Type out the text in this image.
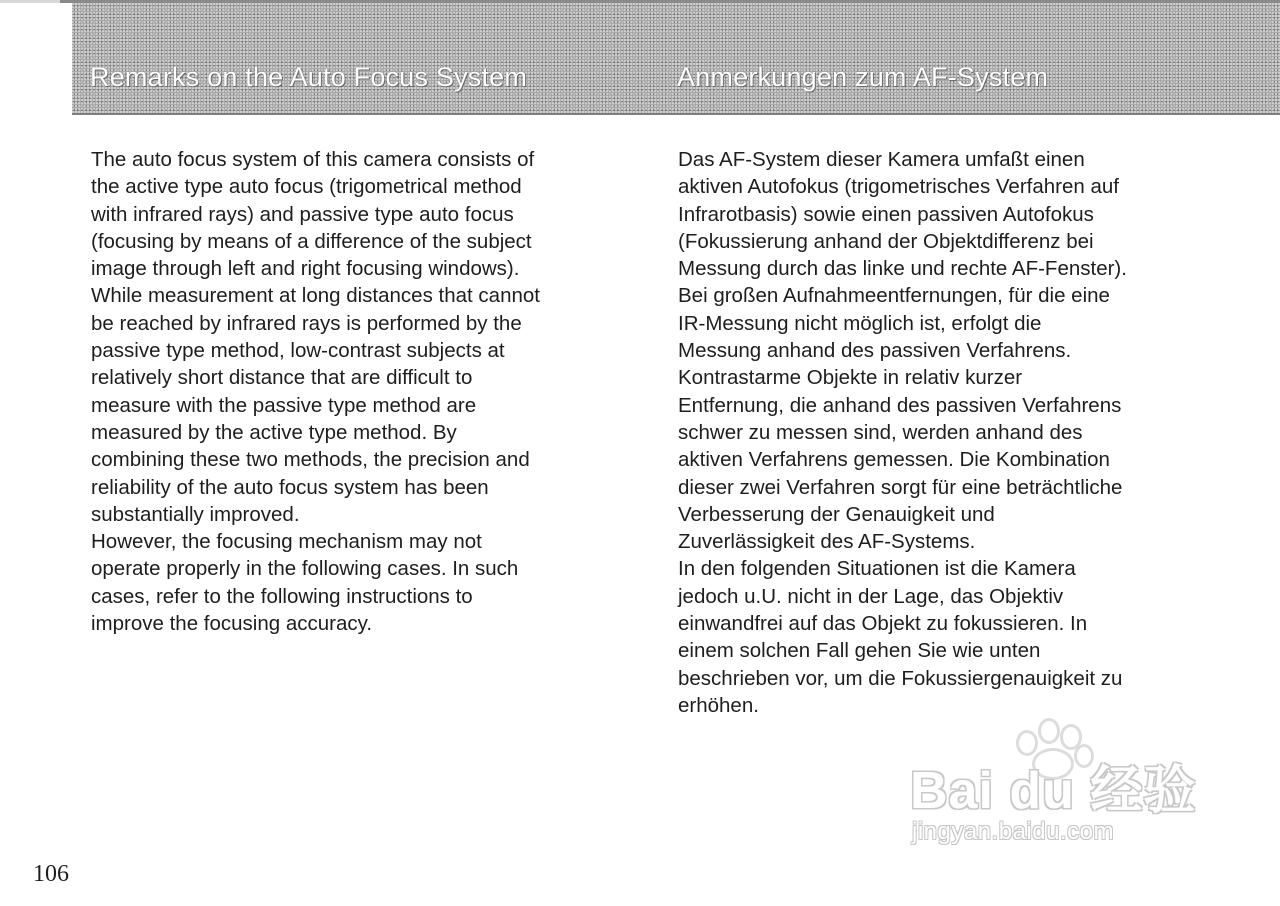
Remarks on the Auto Focus System	Anmerkungen zum AF-System
The auto focus system of this camera consists of
the active type auto focus (trigometrical method
with infrared rays) and passive type auto focus
(focusing by means of a difference of the subject
image through left and right focusing windows).
While measurement at long distances that cannot
be reached by infrared rays is performed by the
passive type method, low-contrast subjects at
relatively short distance that are difficult to
measure with the passive type method are
measured by the active type method. By
combining these two methods, the precision and
reliability of the auto focus system has been
substantially improved.
However, the focusing mechanism may not
operate properly in the following cases. In such
cases, refer to the following instructions to
improve the focusing accuracy.
Das AF-System dieser Kamera umfaßt einen
aktiven Autofokus (trigometrisches Verfahren auf
Infrarotbasis) sowie einen passiven Autofokus
(Fokussierung anhand der Objektdifferenz bei
Messung durch das linke und rechte AF-Fenster).
Bei großen Aufnahmeentfernungen, für die eine
IR-Messung nicht möglich ist, erfolgt die
Messung anhand des passiven Verfahrens.
Kontrastarme Objekte in relativ kurzer
Entfernung, die anhand des passiven Verfahrens
schwer zu messen sind, werden anhand des
aktiven Verfahrens gemessen. Die Kombination
dieser zwei Verfahren sorgt für eine beträchtliche
Verbesserung der Genauigkeit und
Zuverlässigkeit des AF-Systems.
In den folgenden Situationen ist die Kamera
jedoch u.U. nicht in der Lage, das Objektiv
einwandfrei auf das Objekt zu fokussieren. In
einem solchen Fall gehen Sie wie unten
beschrieben vor, um die Fokussiergenauigkeit zu
erhöhen.
106
Bai du 经验
jingyan.baidu.com
